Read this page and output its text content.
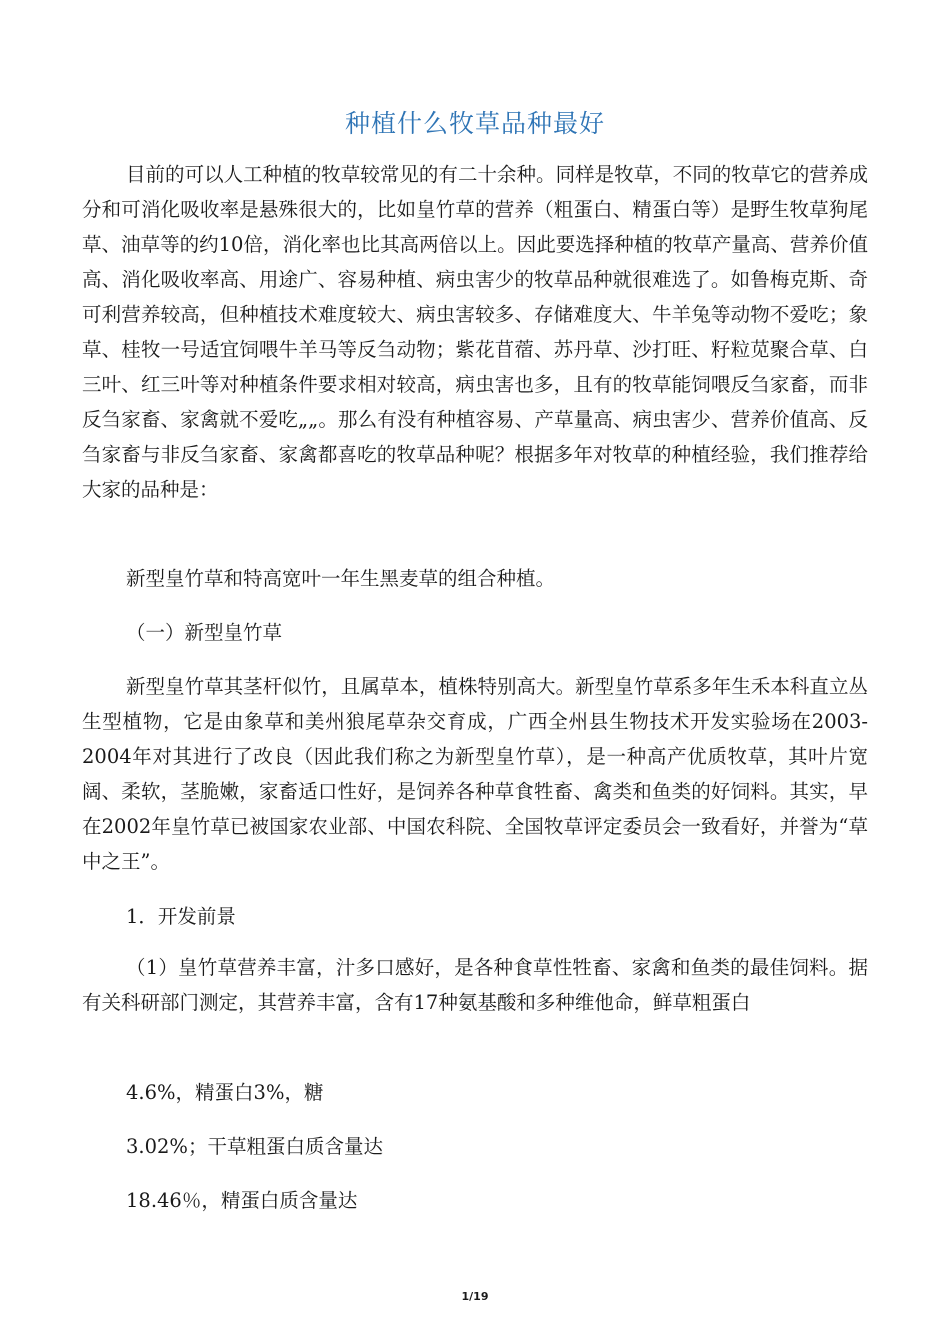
种植什么牧草品种最好

目前的可以人工种植的牧草较常见的有二十余种。同样是牧草，不同的牧草它的营养成分和可消化吸收率是悬殊很大的，比如皇竹草的营养（粗蛋白、精蛋白等）是野生牧草狗尾草、油草等的约10倍，消化率也比其高两倍以上。因此要选择种植的牧草产量高、营养价值高、消化吸收率高、用途广、容易种植、病虫害少的牧草品种就很难选了。如鲁梅克斯、奇可利营养较高，但种植技术难度较大、病虫害较多、存储难度大、牛羊兔等动物不爱吃；象草、桂牧一号适宜饲喂牛羊马等反刍动物；紫花苜蓿、苏丹草、沙打旺、籽粒苋聚合草、白三叶、红三叶等对种植条件要求相对较高，病虫害也多，且有的牧草能饲喂反刍家畜，而非反刍家畜、家禽就不爱吃„„。那么有没有种植容易、产草量高、病虫害少、营养价值高、反刍家畜与非反刍家畜、家禽都喜吃的牧草品种呢？根据多年对牧草的种植经验，我们推荐给大家的品种是：

新型皇竹草和特高宽叶一年生黑麦草的组合种植。

（一）新型皇竹草

新型皇竹草其茎杆似竹，且属草本，植株特别高大。新型皇竹草系多年生禾本科直立丛生型植物，它是由象草和美州狼尾草杂交育成，广西全州县生物技术开发实验场在2003-2004年对其进行了改良（因此我们称之为新型皇竹草），是一种高产优质牧草，其叶片宽阔、柔软，茎脆嫩，家畜适口性好，是饲养各种草食牲畜、禽类和鱼类的好饲料。其实，早在2002年皇竹草已被国家农业部、中国农科院、全国牧草评定委员会一致看好，并誉为“草中之王”。

1．开发前景

（1）皇竹草营养丰富，汁多口感好，是各种食草性牲畜、家禽和鱼类的最佳饲料。据有关科研部门测定，其营养丰富，含有17种氨基酸和多种维他命，鲜草粗蛋白

4.6%，精蛋白3%，糖

3.02%；干草粗蛋白质含量达

18.46％，精蛋白质含量达

1/19
